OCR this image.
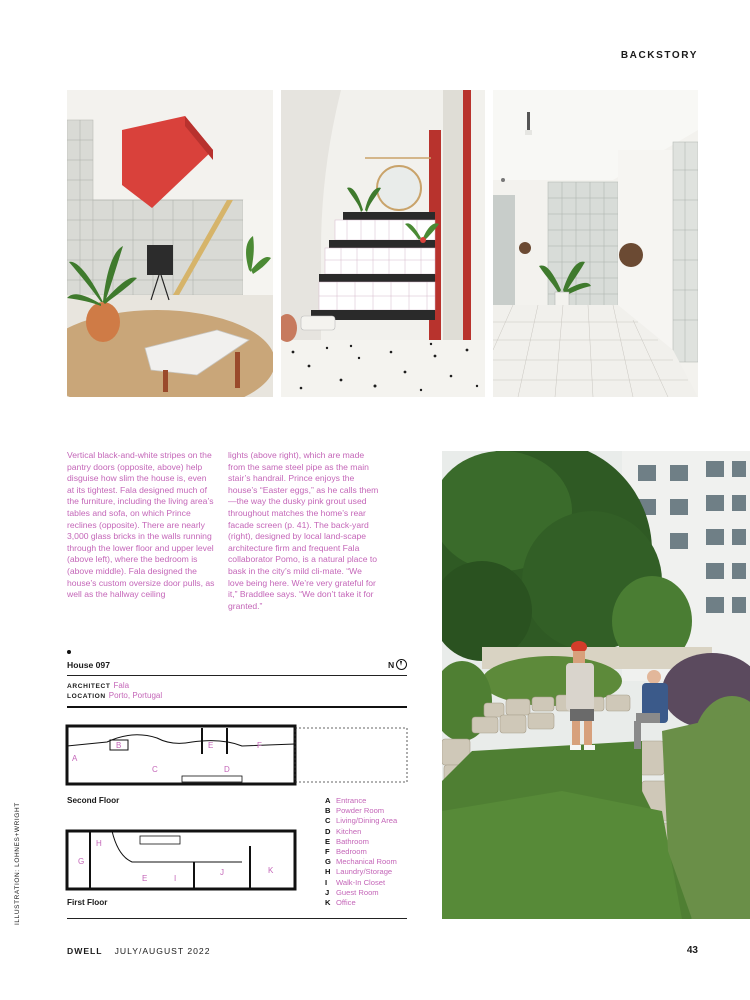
BACKSTORY
Vertical black-and-white stripes on the pantry doors (opposite, above) help disguise how slim the house is, even at its tightest. Fala designed much of the furniture, including the living area’s tables and sofa, on which Prince reclines (opposite). There are nearly 3,000 glass bricks in the walls running through the lower floor and upper level (above left), where the bedroom is (above middle). Fala designed the house’s custom oversize door pulls, as well as the hallway ceiling
lights (above right), which are made from the same steel pipe as the main stair’s handrail. Prince enjoys the house’s “Easter eggs,” as he calls them—the way the dusky pink grout used throughout matches the home’s rear facade screen (p. 41). The back-yard (right), designed by local land-scape architecture firm and frequent Fala collaborator Pomo, is a natural place to bask in the city’s mild cli-mate. “We love being here. We’re very grateful for it,” Braddlee says. “We don’t take it for granted.”
House 097	N
ARCHITECT Fala
LOCATION Porto, Portugal
A
B
C	D
E	F
Second Floor
G
H
I
E
J	K
First Floor
A Entrance
B Powder Room
C Living/Dining Area
D Kitchen
E Bathroom
F Bedroom
G Mechanical Room
H Laundry/Storage
I	Walk-In Closet
J Guest Room
K Office
ILLUSTRATION: LOHNES+WRIGHT
DWELL JULY/AUGUST 2022	43
